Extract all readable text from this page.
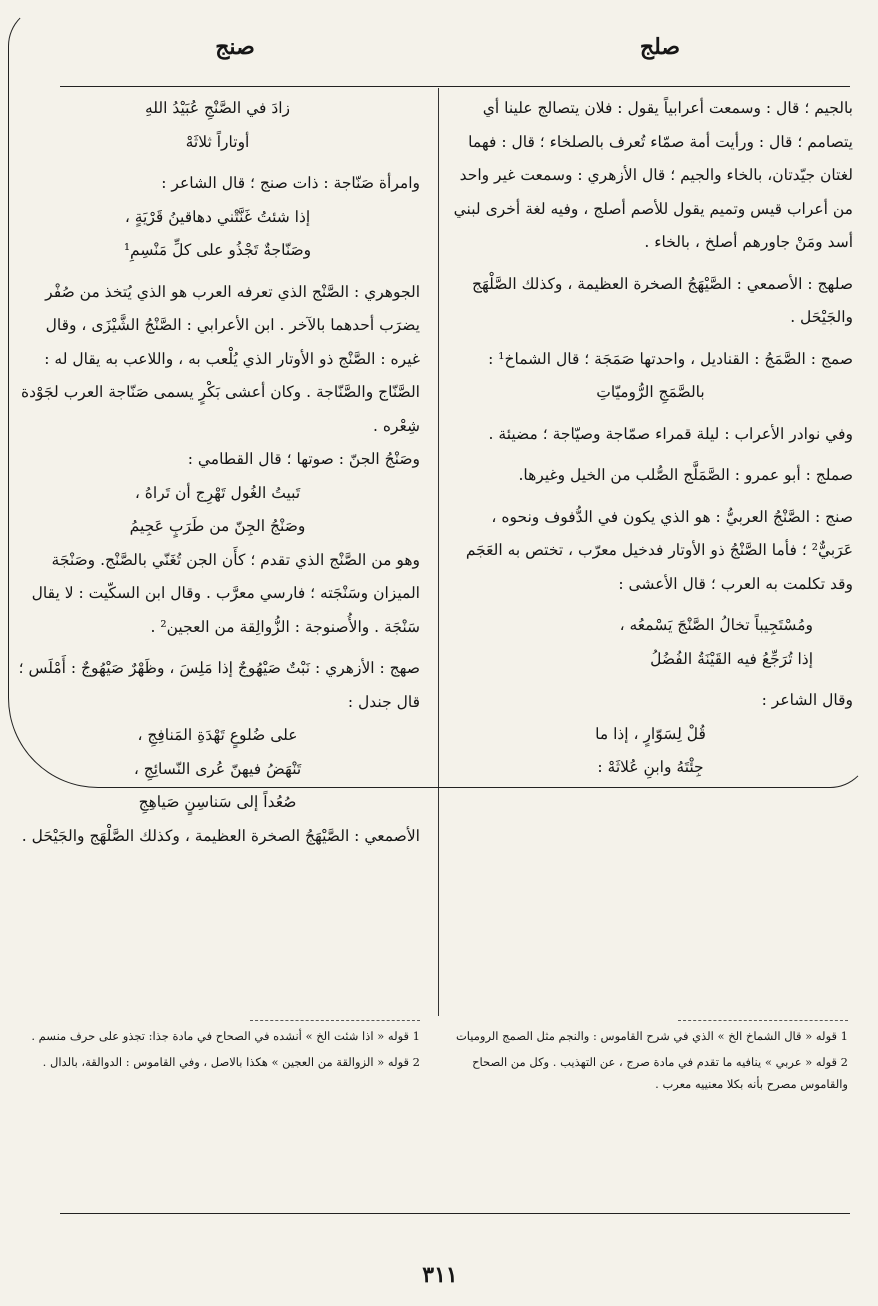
صلج
صنج

بالجيم ؛ قال : وسمعت أعرابياً يقول : فلان يتصالج علينا أي يتصامم ؛ قال : ورأيت أمة صمّاء تُعرف بالصلخاء ؛ قال : فهما لغتان جيّدتان، بالخاء والجيم ؛ قال الأزهري : وسمعت غير واحد من أعراب قيس وتميم يقول للأصم أصلج ، وفيه لغة أخرى لبني أسد ومَنْ جاورهم أصلخ ، بالخاء .

صلهج : الأصمعي : الصَّيْهَجُ الصخرة العظيمة ، وكذلك الصَّلْهَج والجَيْحَل .

صمج : الصَّمَجُ : القناديل ، واحدتها صَمَجَة ؛ قال الشماخ¹ :

بالصَّمَجِ الرُّوميّاتِ

وفي نوادر الأعراب : ليلة قمراء صمّاجة وصيّاجة ؛ مضيئة .

صملج : أبو عمرو : الصَّمَلَّج الصُّلب من الخيل وغيرها.

صنج : الصَّنْجُ العربيُّ : هو الذي يكون في الدُّفوف ونحوه ، عَرَبيٌّ² ؛ فأما الصَّنْجُ ذو الأوتار فدخيل معرّب ، تختص به العَجَم وقد تكلمت به العرب ؛ قال الأعشى :

ومُسْتَجِيباً تخالُ الصَّنْجَ يَسْمعُه ،

إذا تُرَجِّعُ فيه القَيْنَةُ الفُضُلُ

وقال الشاعر :

قُلْ لِسَوّارٍ ، إذا ما

جِئْتَهُ وابنِ عُلاثَهْ :

زادَ في الصَّنْجِ عُبَيْدُ اللهِ

أوتاراً ثلاثَهْ

وامرأة صَنّاجة : ذات صنج ؛ قال الشاعر :

إذا شئتُ غَنَّتْني دهاقينُ قَرْيَةٍ ،

وصَنّاجةٌ تَجْذُو على كلِّ مَنْسِمِ¹

الجوهري : الصَّنْج الذي تعرفه العرب هو الذي يُتخذ من صُفْر يضرَب أحدهما بالآخر . ابن الأعرابي : الصَّنْجُ الشَّيْزَى ، وقال غيره : الصَّنْج ذو الأوتار الذي يُلْعب به ، واللاعب به يقال له : الصَّنّاج والصَّنّاجة . وكان أعشى بَكْرٍ يسمى صَنّاجة العرب لجَوْدة شِعْره .

وصَنْجُ الجنّ : صوتها ؛ قال القطامي :

تَبيتُ الغُول تَهْرِج أن تَراهُ ،

وصَنْجُ الجِنّ من طَرَبٍ عَجِيمُ

وهو من الصَّنْج الذي تقدم ؛ كأَن الجن تُغَنّي بالصَّنْج. وصَنْجَة الميزان وسَنْجَته ؛ فارسي معرَّب . وقال ابن السكّيت : لا يقال سَنْجَة . والأُصنوجة : الزُّوالِقة من العجين² .

صهج : الأزهري : نَبْتٌ صَيْهُوجٌ إذا مَلِسَ ، وظَهْرٌ صَيْهُوجٌ : أَمْلَس ؛ قال جندل :

على ضُلوعٍ تَهْدَةِ المَنافِجِ ،

تَنْهَضُ فيهنّ عُرى النّسائِجِ ،

صُعُداً إلى سَناسِنٍ صَياهِجِ

الأصمعي : الصَّيْهَجُ الصخرة العظيمة ، وكذلك الصَّلْهَج والجَيْحَل .

1 قوله « قال الشماخ الخ » الذي في شرح القاموس : والنجم مثل الصمج الروميات

2 قوله « عربي » ينافيه ما تقدم في مادة صرج ، عن التهذيب . وكل من الصحاح والقاموس مصرح بأنه بكلا معنييه معرب .

1 قوله « اذا شئت الخ » أنشده في الصحاح في مادة جذا: تجذو على حرف منسم .

2 قوله « الزوالقة من العجين » هكذا بالاصل ، وفي القاموس : الدوالقة، بالدال .

٣١١
